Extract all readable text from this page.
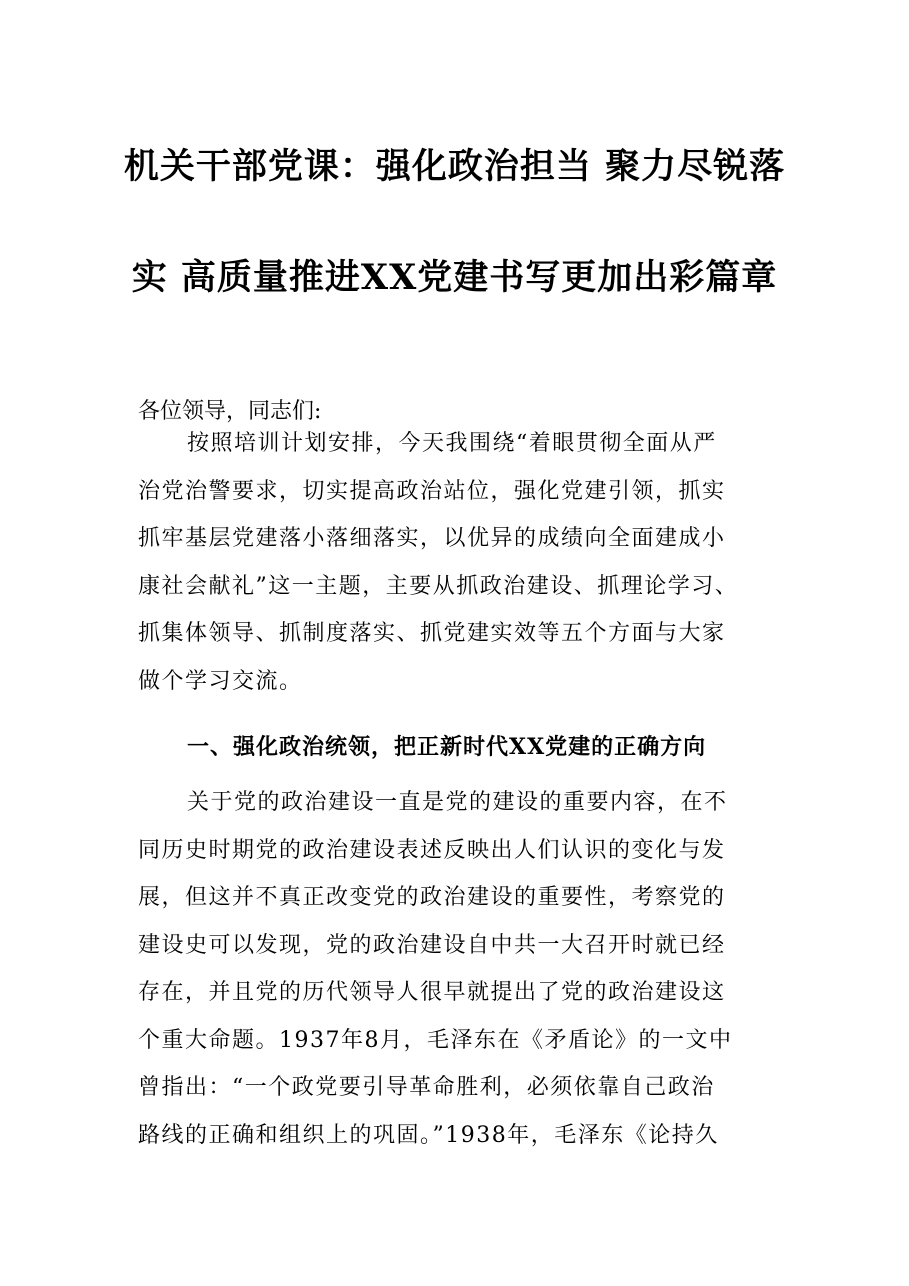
机关干部党课：强化政治担当 聚力尽锐落
实 高质量推进XX党建书写更加出彩篇章

各位领导，同志们:

按照培训计划安排，今天我围绕“着眼贯彻全面从严
治党治警要求，切实提高政治站位，强化党建引领，抓实
抓牢基层党建落小落细落实，以优异的成绩向全面建成小
康社会献礼”这一主题，主要从抓政治建设、抓理论学习、
抓集体领导、抓制度落实、抓党建实效等五个方面与大家
做个学习交流。

一、强化政治统领，把正新时代XX党建的正确方向

关于党的政治建设一直是党的建设的重要内容，在不
同历史时期党的政治建设表述反映出人们认识的变化与发
展，但这并不真正改变党的政治建设的重要性，考察党的
建设史可以发现，党的政治建设自中共一大召开时就已经
存在，并且党的历代领导人很早就提出了党的政治建设这
个重大命题。1937年8月，毛泽东在《矛盾论》的一文中
曾指出：“一个政党要引导革命胜利，必须依靠自己政治
路线的正确和组织上的巩固。”1938年，毛泽东《论持久
